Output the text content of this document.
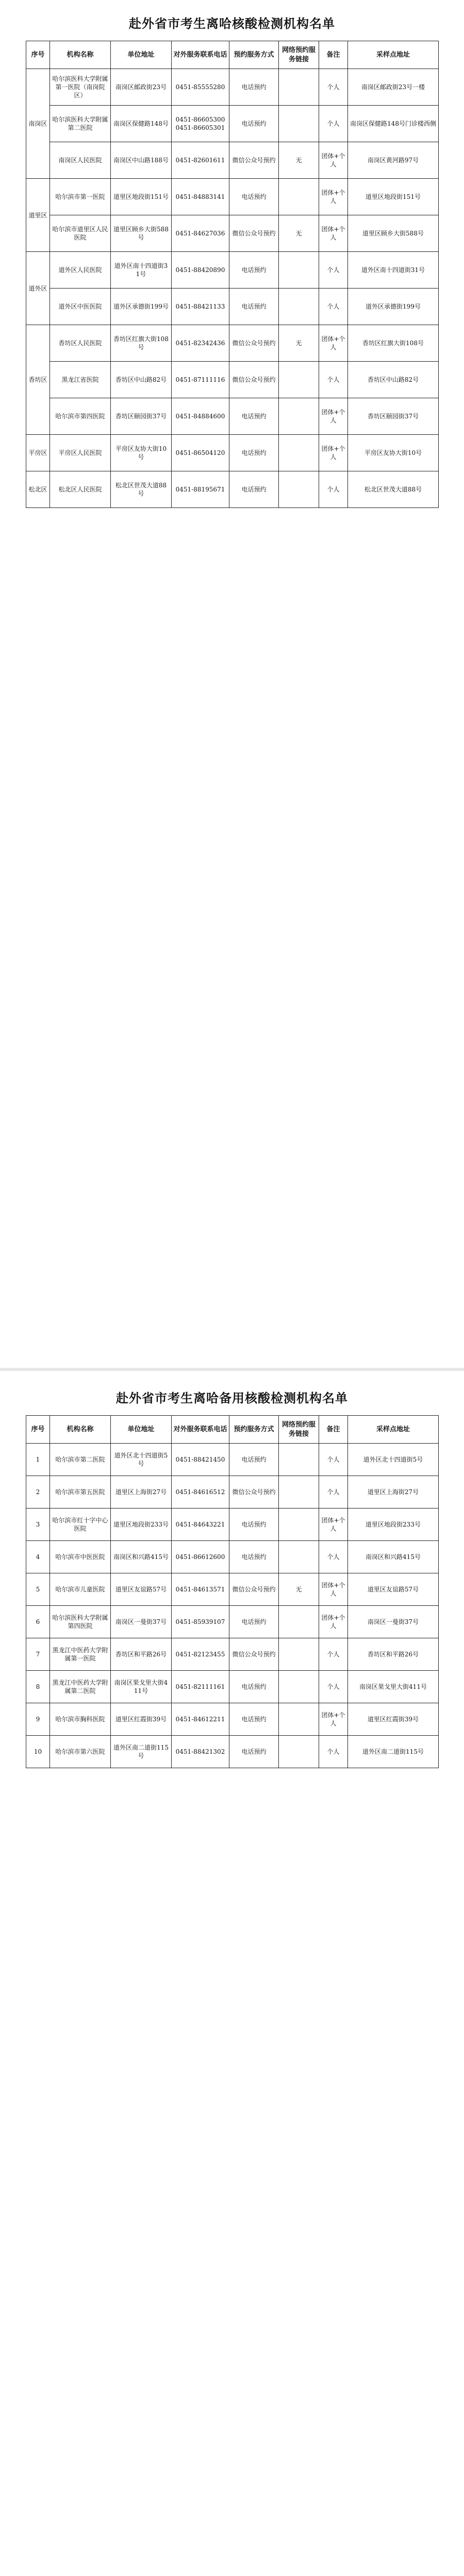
赴外省市考生离哈核酸检测机构名单
序号	机构名称	单位地址	对外服务联系电话	预约服务方式	网络预约服务链接	备注	采样点地址
南岗区	哈尔滨医科大学附属第一医院（南岗院区）	南岗区邮政街23号	0451-85555280	电话预约		个人	南岗区邮政街23号一楼
	哈尔滨医科大学附属第二医院	南岗区保健路148号	0451-86605300 0451-86605301	电话预约		个人	南岗区保健路148号门诊楼西侧
	南岗区人民医院	南岗区中山路188号	0451-82601611	微信公众号预约	无	团体+个人	南岗区黄河路97号
道里区	哈尔滨市第一医院	道里区地段街151号	0451-84883141	电话预约		团体+个人	道里区地段街151号
	哈尔滨市道里区人民医院	道里区顾乡大街588号	0451-84627036	微信公众号预约	无	团体+个人	道里区顾乡大街588号
道外区	道外区人民医院	道外区南十四道街31号	0451-88420890	电话预约		个人	道外区南十四道街31号
	道外区中医医院	道外区承德街199号	0451-88421133	电话预约		个人	道外区承德街199号
香坊区	香坊区人民医院	香坊区红旗大街108号	0451-82342436	微信公众号预约	无	团体+个人	香坊区红旗大街108号
	黑龙江省医院	香坊区中山路82号	0451-87111116	微信公众号预约		个人	香坊区中山路82号
	哈尔滨市第四医院	香坊区颐园街37号	0451-84884600	电话预约		团体+个人	香坊区颐园街37号
平房区	平房区人民医院	平房区友协大街10号	0451-86504120	电话预约		团体+个人	平房区友协大街10号
松北区	松北区人民医院	松北区世茂大道88号	0451-88195671	电话预约		个人	松北区世茂大道88号
赴外省市考生离哈备用核酸检测机构名单
序号	机构名称	单位地址	对外服务联系电话	预约服务方式	网络预约服务链接	备注	采样点地址
1	哈尔滨市第二医院	道外区北十四道街5号	0451-88421450	电话预约		个人	道外区北十四道街5号
2	哈尔滨市第五医院	道里区上海街27号	0451-84616512	微信公众号预约		个人	道里区上海街27号
3	哈尔滨市红十字中心医院	道里区地段街233号	0451-84643221	电话预约		团体+个人	道里区地段街233号
4	哈尔滨市中医医院	南岗区和兴路415号	0451-86612600	电话预约		个人	南岗区和兴路415号
5	哈尔滨市儿童医院	道里区友谊路57号	0451-84613571	微信公众号预约	无	团体+个人	道里区友谊路57号
6	哈尔滨医科大学附属第四医院	南岗区一曼街37号	0451-85939107	电话预约		团体+个人	南岗区一曼街37号
7	黑龙江中医药大学附属第一医院	香坊区和平路26号	0451-82123455	微信公众号预约		个人	香坊区和平路26号
8	黑龙江中医药大学附属第二医院	南岗区果戈里大街411号	0451-82111161	电话预约		个人	南岗区果戈里大街411号
9	哈尔滨市胸科医院	道里区红霞街39号	0451-84612211	电话预约		团体+个人	道里区红霞街39号
10	哈尔滨市第六医院	道外区南二道街115号	0451-88421302	电话预约		个人	道外区南二道街115号
